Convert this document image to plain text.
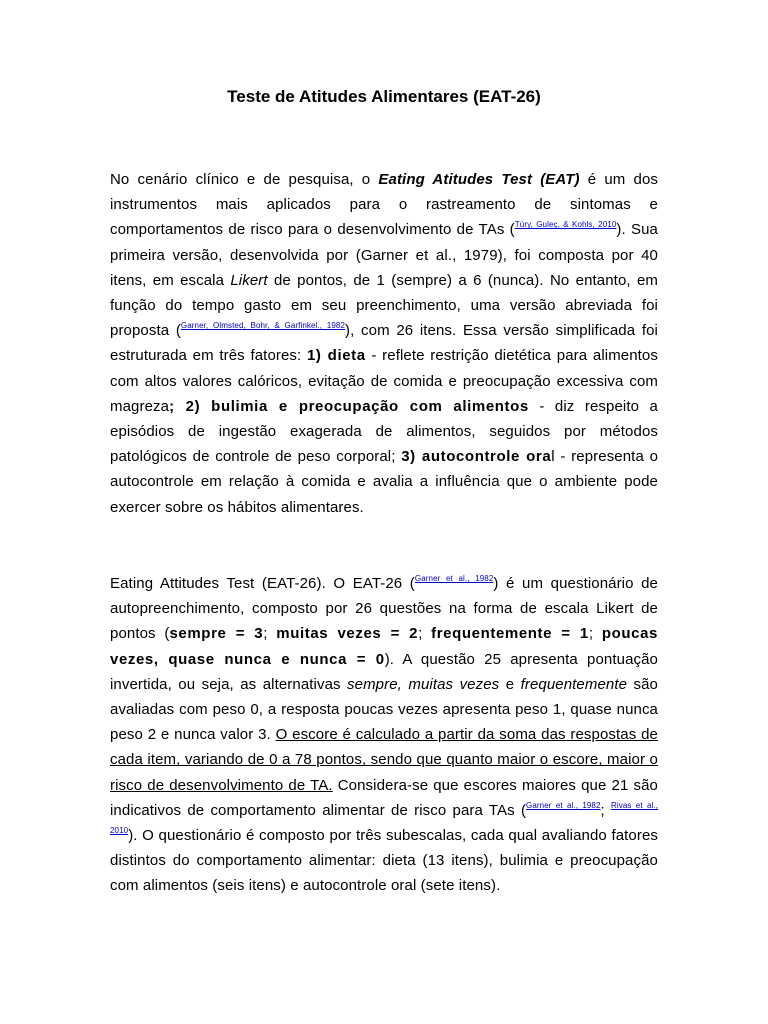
Teste de Atitudes Alimentares (EAT-26)

No cenário clínico e de pesquisa, o Eating Atitudes Test (EAT) é um dos instrumentos mais aplicados para o rastreamento de sintomas e comportamentos de risco para o desenvolvimento de TAs ($^{Túry, Guleç, \& Kohls, 2010}$). Sua primeira versão, desenvolvida por (Garner et al., 1979), foi composta por 40 itens, em escala Likert de pontos, de 1 (sempre) a 6 (nunca). No entanto, em função do tempo gasto em seu preenchimento, uma versão abreviada foi proposta ($^{Garner, Olmsted, Bohr, \& Garfinkel., 1982}$), com 26 itens. Essa versão simplificada foi estruturada em três fatores: 1) dieta - reflete restrição dietética para alimentos com altos valores calóricos, evitação de comida e preocupação excessiva com magreza; 2) bulimia e preocupação com alimentos - diz respeito a episódios de ingestão exagerada de alimentos, seguidos por métodos patológicos de controle de peso corporal; 3) autocontrole oral - representa o autocontrole em relação à comida e avalia a influência que o ambiente pode exercer sobre os hábitos alimentares.

Eating Attitudes Test (EAT-26). O EAT-26 ($^{Garner et al., 1982}$) é um questionário de autopreenchimento, composto por 26 questões na forma de escala Likert de pontos (sempre = 3; muitas vezes = 2; frequentemente = 1; poucas vezes, quase nunca e nunca = 0). A questão 25 apresenta pontuação invertida, ou seja, as alternativas sempre, muitas vezes e frequentemente são avaliadas com peso 0, a resposta poucas vezes apresenta peso 1, quase nunca peso 2 e nunca valor 3. O escore é calculado a partir da soma das respostas de cada item, variando de 0 a 78 pontos, sendo que quanto maior o escore, maior o risco de desenvolvimento de TA. Considera-se que escores maiores que 21 são indicativos de comportamento alimentar de risco para TAs ($^{Garner et al., 1982}$; $^{Rivas et al., 2010}$). O questionário é composto por três subescalas, cada qual avaliando fatores distintos do comportamento alimentar: dieta (13 itens), bulimia e preocupação com alimentos (seis itens) e autocontrole oral (sete itens).
